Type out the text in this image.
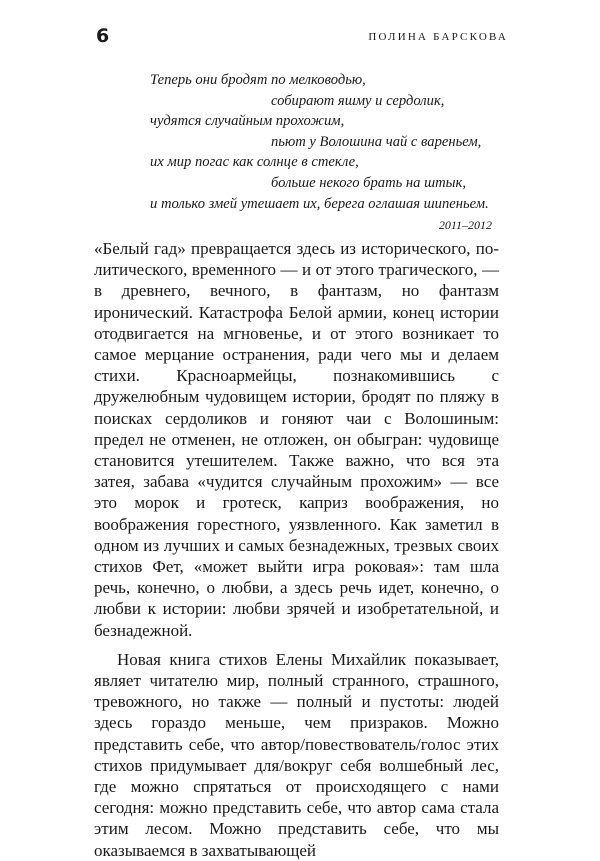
6	ПОЛИНА БАРСКОВА
Теперь они бродят по мелководью,
собирают яшму и сердолик,
чудятся случайным прохожим,
пьют у Волошина чай с вареньем,
их мир погас как солнце в стекле,
больше некого брать на штык,
и только змей утешает их, берега оглашая шипеньем.
2011–2012

«Белый гад» превращается здесь из исторического, политического, временного — и от этого трагического, — в древнего, вечного, в фантазм, но фантазм иронический. Катастрофа Белой армии, конец истории отодвигается на мгновенье, и от этого возникает то самое мерцание остранения, ради чего мы и делаем стихи. Красноармейцы, познакомившись с дружелюбным чудовищем истории, бродят по пляжу в поисках сердоликов и гоняют чаи с Волошиным: предел не отменен, не отложен, он обыгран: чудовище становится утешителем. Также важно, что вся эта затея, забава «чудится случайным прохожим» — все это морок и гротеск, каприз воображения, но воображения горестного, уязвленного. Как заметил в одном из лучших и самых безнадежных, трезвых своих стихов Фет, «может выйти игра роковая»: там шла речь, конечно, о любви, а здесь речь идет, конечно, о любви к истории: любви зрячей и изобретательной, и безнадежной.

Новая книга стихов Елены Михайлик показывает, являет читателю мир, полный странного, страшного, тревожного, но также — полный и пустоты: людей здесь гораздо меньше, чем призраков. Можно представить себе, что автор/повествователь/голос этих стихов придумывает для/вокруг себя волшебный лес, где можно спрятаться от происходящего с нами сегодня: можно представить себе, что автор сама стала этим лесом. Можно представить себе, что мы оказываемся в захватывающей
